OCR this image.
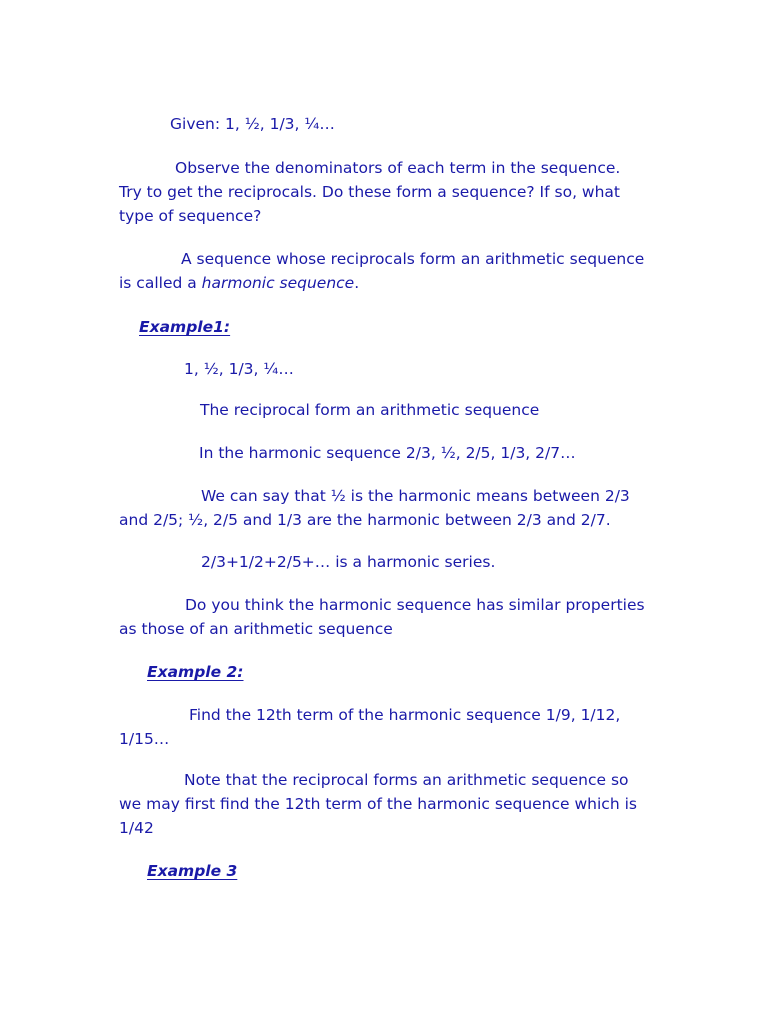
Given: 1, ½, 1/3, ¼…
Observe the denominators of each term in the sequence.
Try to get the reciprocals. Do these form a sequence? If so, what
type of sequence?
A sequence whose reciprocals form an arithmetic sequence
is called a harmonic sequence.
Example1:
1, ½, 1/3, ¼…
The reciprocal form an arithmetic sequence
In the harmonic sequence 2/3, ½, 2/5, 1/3, 2/7…
We can say that ½ is the harmonic means between 2/3
and 2/5; ½, 2/5 and 1/3 are the harmonic between 2/3 and 2/7.
2/3+1/2+2/5+… is a harmonic series.
Do you think the harmonic sequence has similar properties
as those of an arithmetic sequence
Example 2:
Find the 12th term of the harmonic sequence 1/9, 1/12,
1/15…
Note that the reciprocal forms an arithmetic sequence so
we may first find the 12th term of the harmonic sequence which is
1/42
Example 3
